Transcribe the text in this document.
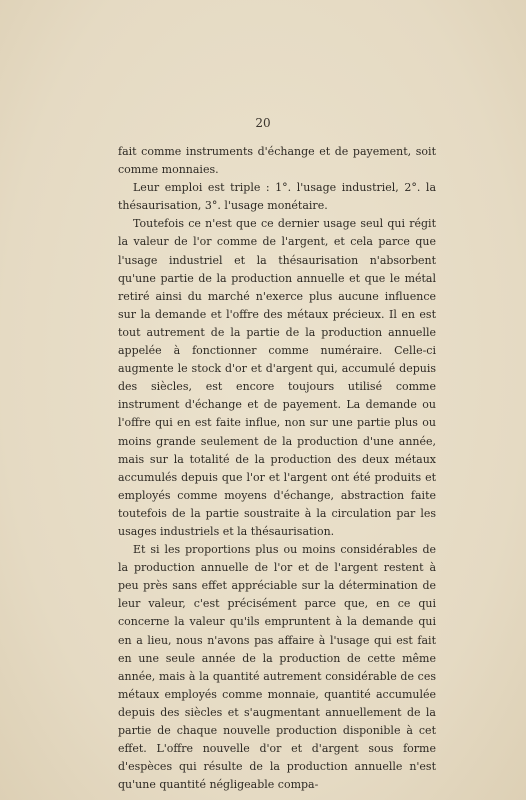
20

fait comme instruments d'échange et de payement, soit comme monnaies.

Leur emploi est triple : 1°. l'usage industriel, 2°. la thésaurisation, 3°. l'usage monétaire.

Toutefois ce n'est que ce dernier usage seul qui régit la valeur de l'or comme de l'argent, et cela parce que l'usage industriel et la thésaurisation n'absorbent qu'une partie de la production annuelle et que le métal retiré ainsi du marché n'exerce plus aucune influence sur la demande et l'offre des métaux précieux. Il en est tout autrement de la partie de la production annuelle appelée à fonctionner comme numéraire. Celle-ci augmente le stock d'or et d'argent qui, accumulé depuis des siècles, est encore toujours utilisé comme instrument d'échange et de payement. La demande ou l'offre qui en est faite influe, non sur une partie plus ou moins grande seulement de la production d'une année, mais sur la totalité de la production des deux métaux accumulés depuis que l'or et l'argent ont été produits et employés comme moyens d'échange, abstraction faite toutefois de la partie soustraite à la circulation par les usages industriels et la thésaurisation.

Et si les proportions plus ou moins considérables de la production annuelle de l'or et de l'argent restent à peu près sans effet appréciable sur la détermination de leur valeur, c'est précisément parce que, en ce qui concerne la valeur qu'ils empruntent à la demande qui en a lieu, nous n'avons pas affaire à l'usage qui est fait en une seule année de la production de cette même année, mais à la quantité autrement considérable de ces métaux employés comme monnaie, quantité accumulée depuis des siècles et s'augmentant annuellement de la partie de chaque nouvelle production disponible à cet effet. L'offre nouvelle d'or et d'argent sous forme d'espèces qui résulte de la production annuelle n'est qu'une quantité négligeable compa-
